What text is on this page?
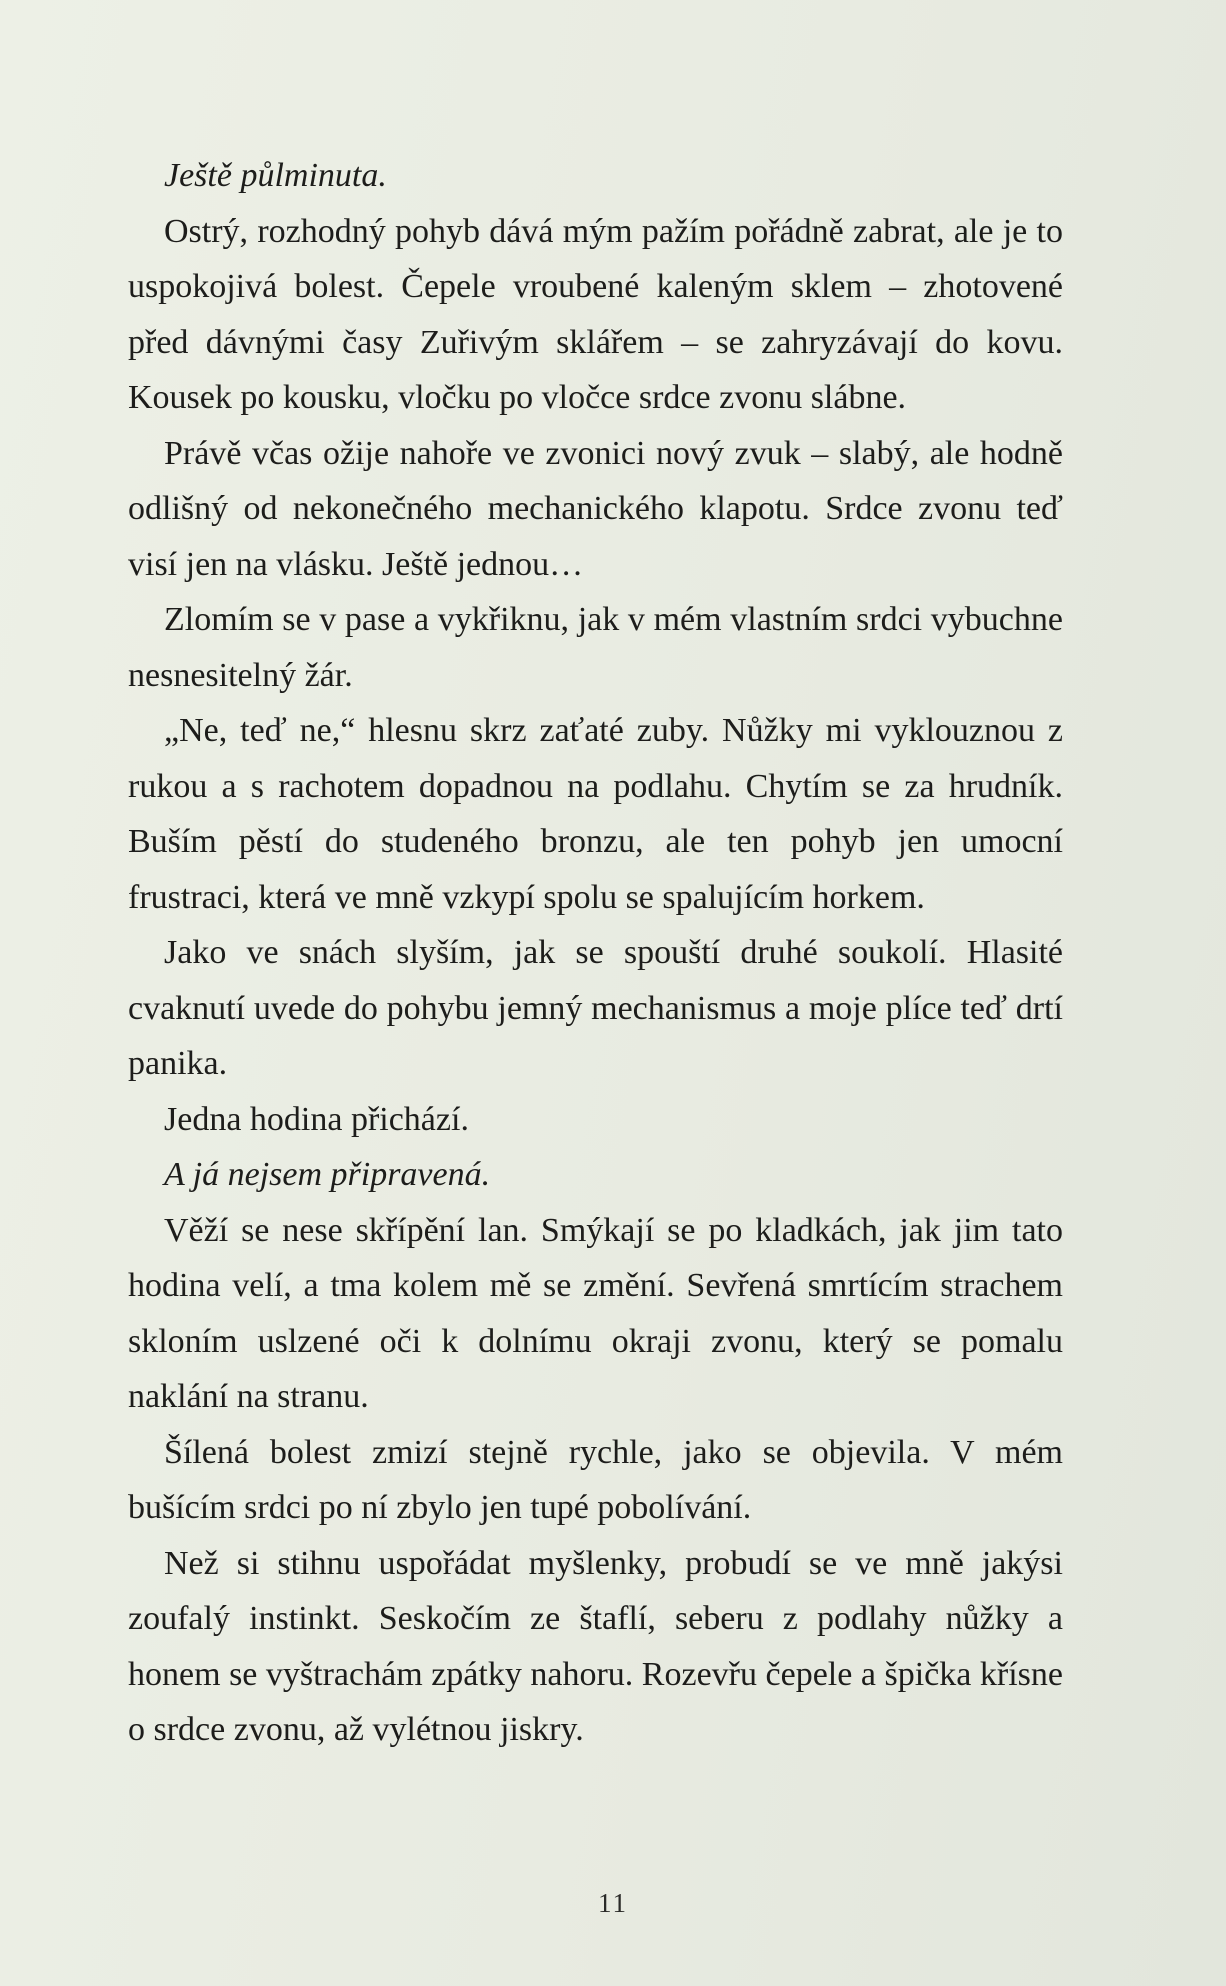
Ještě půlminuta.

Ostrý, rozhodný pohyb dává mým pažím pořádně zabrat, ale je to uspokojivá bolest. Čepele vroubené kaleným sklem – zhotovené před dávnými časy Zuřivým sklářem – se zahryzávají do kovu. Kousek po kousku, vločku po vločce srdce zvonu slábne.

Právě včas ožije nahoře ve zvonici nový zvuk – slabý, ale hodně odlišný od nekonečného mechanického klapotu. Srdce zvonu teď visí jen na vlásku. Ještě jednou…

Zlomím se v pase a vykřiknu, jak v mém vlastním srdci vybuchne nesnesitelný žár.

„Ne, teď ne,“ hlesnu skrz zaťaté zuby. Nůžky mi vyklouznou z rukou a s rachotem dopadnou na podlahu. Chytím se za hrudník. Buším pěstí do studeného bronzu, ale ten pohyb jen umocní frustraci, která ve mně vzkypí spolu se spalujícím horkem.

Jako ve snách slyším, jak se spouští druhé soukolí. Hlasité cvaknutí uvede do pohybu jemný mechanismus a moje plíce teď drtí panika.

Jedna hodina přichází.

A já nejsem připravená.

Věží se nese skřípění lan. Smýkají se po kladkách, jak jim tato hodina velí, a tma kolem mě se změní. Sevřená smrtícím strachem skloním uslzené oči k dolnímu okraji zvonu, který se pomalu naklání na stranu.

Šílená bolest zmizí stejně rychle, jako se objevila. V mém bušícím srdci po ní zbylo jen tupé pobolívání.

Než si stihnu uspořádat myšlenky, probudí se ve mně jakýsi zoufalý instinkt. Seskočím ze štaflí, seberu z podlahy nůžky a honem se vyštrachám zpátky nahoru. Rozevřu čepele a špička křísne o srdce zvonu, až vylétnou jiskry.

11
